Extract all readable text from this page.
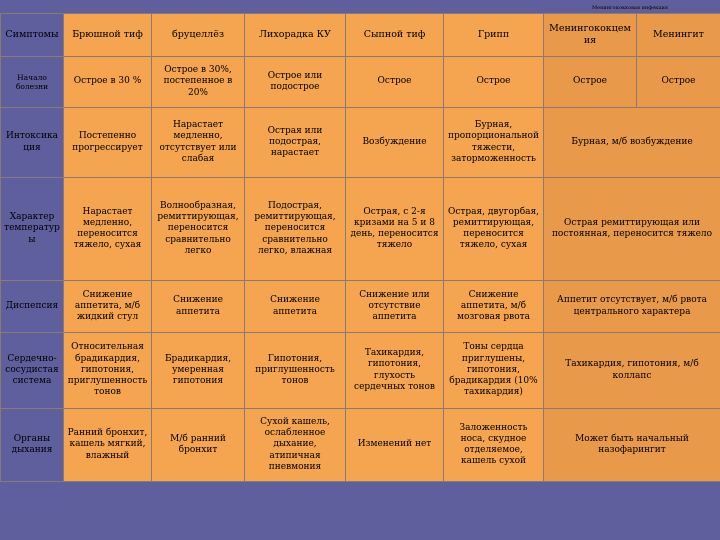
Менингококковая инфекция
Симптомы	Брюшной тиф	бруцеллёз	Лихорадка КУ	Сыпной тиф	Грипп	Менингококцем ия	Менингит
Начало болезни	Острое в 30 %	Острое в 30%, постепенное в 20%	Острое или подострое	Острое	Острое	Острое	Острое
Интоксикация	Постепенно прогрессирует	Нарастает медленно, отсутствует или слабая	Острая или подострая, нарастает	Возбуждение	Бурная, пропорциональной тяжести, заторможенность	Бурная, м/б возбуждение	
Характер температуры	Нарастает медленно, переносится тяжело, сухая	Волнообразная, ремиттирующая, переносится сравнительно легко	Подострая, ремиттирующая, переносится сравнительно легко, влажная	Острая, с 2-я кризами на 5 и 8 день, переносится тяжело	Острая, двугорбая, ремиттирующая, переносится тяжело, сухая	Острая ремиттирующая или постоянная, переносится тяжело	
Диспепсия	Снижение аппетита, м/б жидкий стул	Снижение аппетита	Снижение аппетита	Снижение или отсутствие аппетита	Снижение аппетита, м/б мозговая рвота	Аппетит отсутствует, м/б рвота центрального характера	
Сердечно-сосудистая система	Относительная брадикардия, гипотония, приглушенность тонов	Брадикардия, умеренная гипотония	Гипотония, приглушенность тонов	Тахикардия, гипотония, глухость сердечных тонов	Тоны сердца приглушены, гипотония, брадикардия (10% тахикардия)	Тахикардия, гипотония, м/б коллапс	
Органы дыхания	Ранний бронхит, кашель мягкий, влажный	М/б ранний бронхит	Сухой кашель, ослабленное дыхание, атипичная пневмония	Изменений нет	Заложенность носа, скудное отделяемое, кашель сухой	Может быть начальный назофарингит	
